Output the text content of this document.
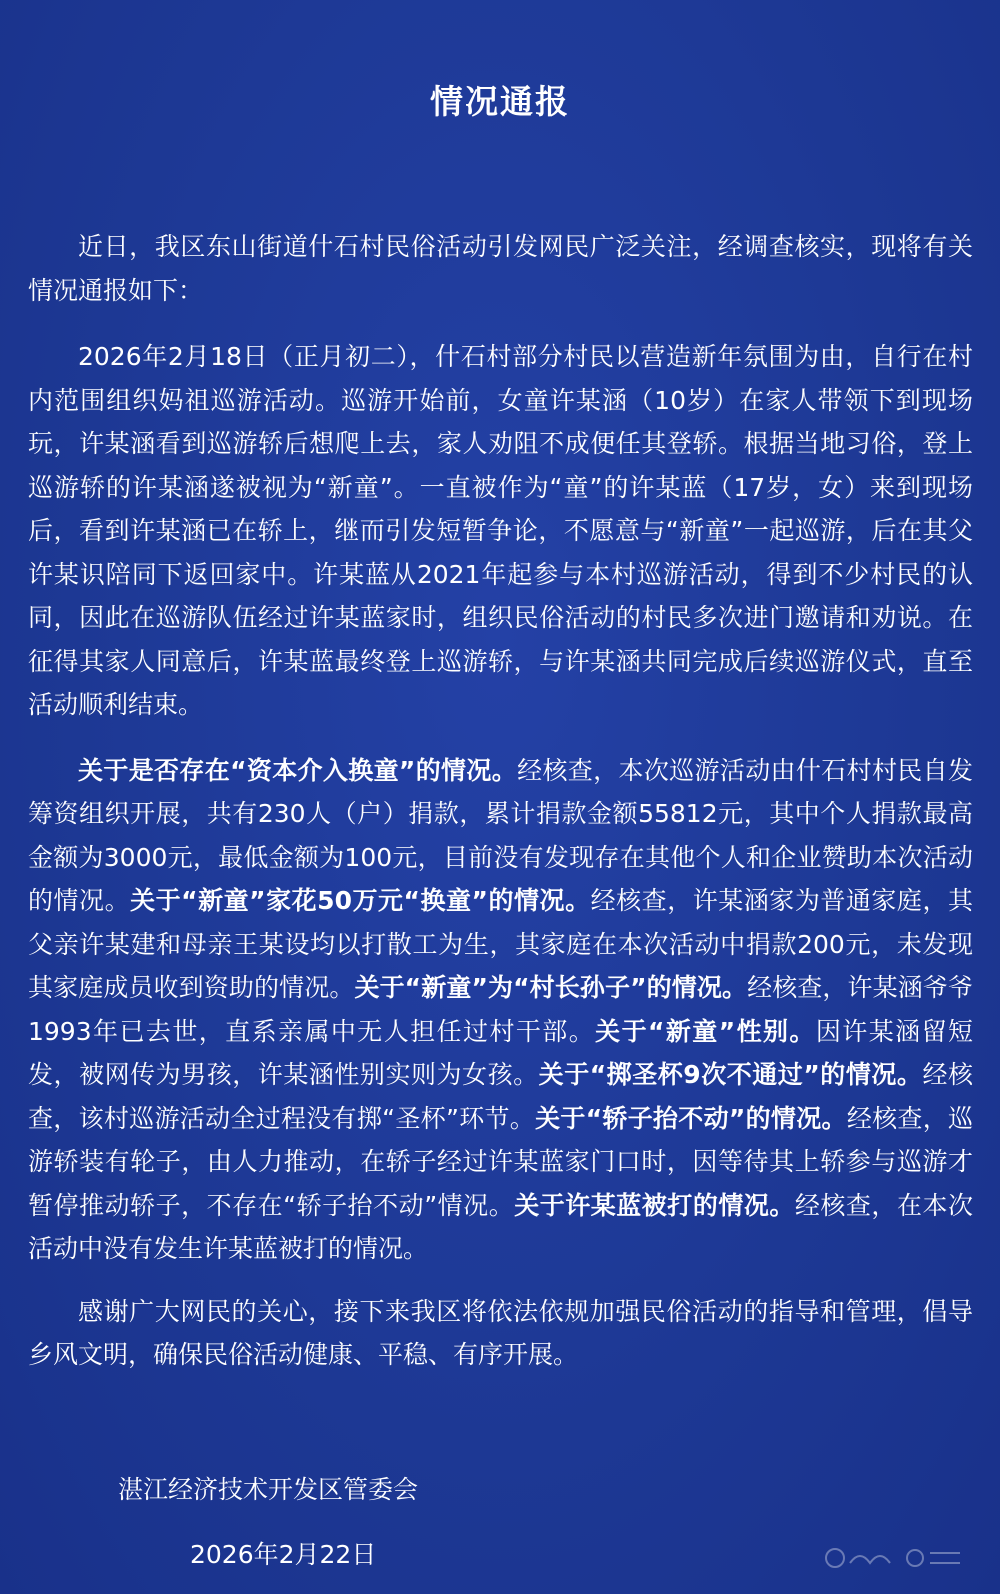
情况通报

近日，我区东山街道什石村民俗活动引发网民广泛关注，经调查核实，现将有关情况通报如下：

2026年2月18日（正月初二），什石村部分村民以营造新年氛围为由，自行在村内范围组织妈祖巡游活动。巡游开始前，女童许某涵（10岁）在家人带领下到现场玩，许某涵看到巡游轿后想爬上去，家人劝阻不成便任其登轿。根据当地习俗，登上巡游轿的许某涵遂被视为“新童”。一直被作为“童”的许某蓝（17岁，女）来到现场后，看到许某涵已在轿上，继而引发短暂争论，不愿意与“新童”一起巡游，后在其父许某识陪同下返回家中。许某蓝从2021年起参与本村巡游活动，得到不少村民的认同，因此在巡游队伍经过许某蓝家时，组织民俗活动的村民多次进门邀请和劝说。在征得其家人同意后，许某蓝最终登上巡游轿，与许某涵共同完成后续巡游仪式，直至活动顺利结束。

关于是否存在“资本介入换童”的情况。经核查，本次巡游活动由什石村村民自发筹资组织开展，共有230人（户）捐款，累计捐款金额55812元，其中个人捐款最高金额为3000元，最低金额为100元，目前没有发现存在其他个人和企业赞助本次活动的情况。关于“新童”家花50万元“换童”的情况。经核查，许某涵家为普通家庭，其父亲许某建和母亲王某设均以打散工为生，其家庭在本次活动中捐款200元，未发现其家庭成员收到资助的情况。关于“新童”为“村长孙子”的情况。经核查，许某涵爷爷1993年已去世，直系亲属中无人担任过村干部。关于“新童”性别。因许某涵留短发，被网传为男孩，许某涵性别实则为女孩。关于“掷圣杯9次不通过”的情况。经核查，该村巡游活动全过程没有掷“圣杯”环节。关于“轿子抬不动”的情况。经核查，巡游轿装有轮子，由人力推动，在轿子经过许某蓝家门口时，因等待其上轿参与巡游才暂停推动轿子，不存在“轿子抬不动”情况。关于许某蓝被打的情况。经核查，在本次活动中没有发生许某蓝被打的情况。

感谢广大网民的关心，接下来我区将依法依规加强民俗活动的指导和管理，倡导乡风文明，确保民俗活动健康、平稳、有序开展。

湛江经济技术开发区管委会
2026年2月22日
